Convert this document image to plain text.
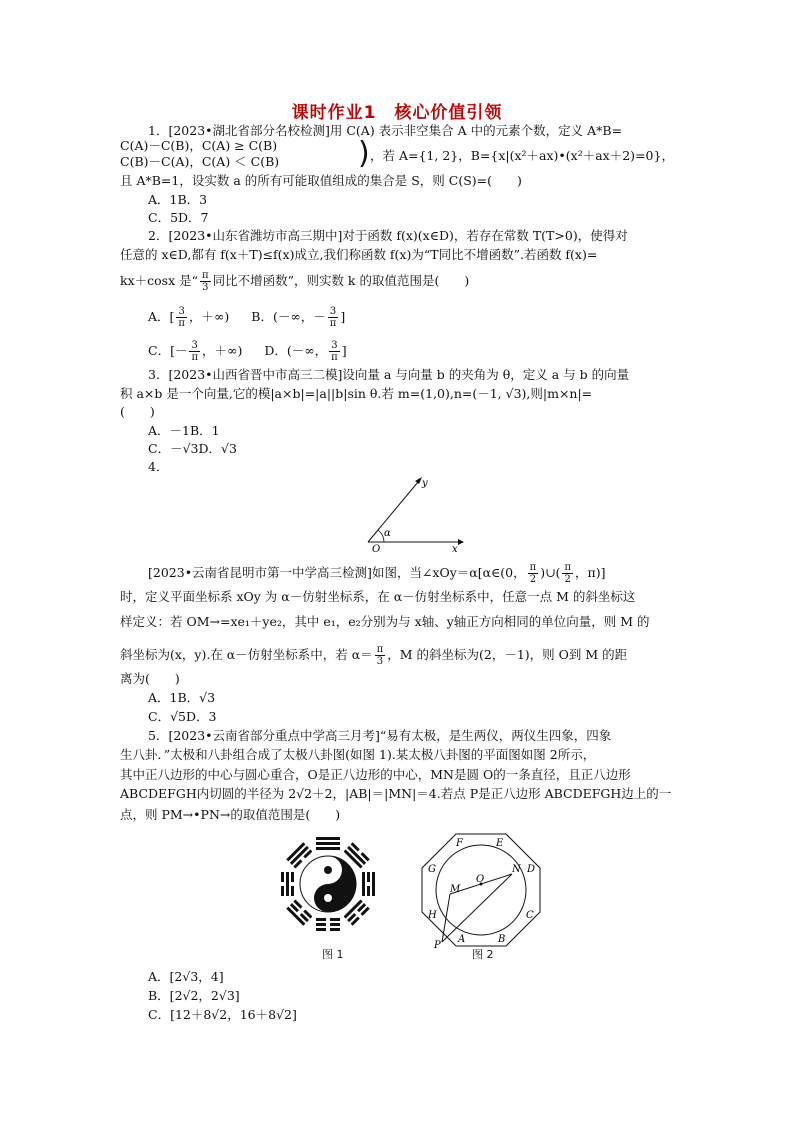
课时作业1　核心价值引领
1．[2023•湖北省部分名校检测]用 C(A) 表示非空集合 A 中的元素个数，定义 A*B=
C(A)－C(B)，C(A) ≥ C(B)
C(B)－C(A)，C(A) ＜ C(B)	) ，若 A={1, 2}，B={x|(x²＋ax)•(x²＋ax＋2)=0}，
且 A*B=1，设实数 a 的所有可能取值组成的集合是 S，则 C(S)=(　　)
A．1B．3
C．5D．7
2．[2023•山东省潍坊市高三期中]对于函数 f(x)(x∈D)，若存在常数 T(T>0)，使得对
任意的 x∈D,都有 f(x＋T)≤f(x)成立,我们称函数 f(x)为“T同比不增函数”.若函数 f(x)=
kx＋cosx 是“ $\frac{\pi}{3}$ 同比不增函数”，则实数 k 的取值范围是(　　)
A．[ $\frac{3}{\pi}$ ，＋∞) B．(－∞，－ $\frac{3}{\pi}$ ]
C．[－ $\frac{3}{\pi}$ ，＋∞) D．(－∞， $\frac{3}{\pi}$ ]
3．[2023•山西省晋中市高三二模]设向量 a 与向量 b 的夹角为 θ，定义 a 与 b 的向量
积 a×b 是一个向量,它的模|a×b|=|a||b|sin θ.若 m=(1,0),n=(－1, √3),则|m×n|=
(　　)
A．－1B．1
C．－√3D．√3
4．
y
x
O
α
[2023•云南省昆明市第一中学高三检测]如图，当∠xOy＝α[α∈(0， $\frac{\pi}{2}$ )∪( $\frac{\pi}{2}$ ，π)]
时，定义平面坐标系 xOy 为 α－仿射坐标系，在 α－仿射坐标系中，任意一点 M 的斜坐标这
样定义：若 OM→=xe₁＋ye₂，其中 e₁，e₂分别为与 x轴、y轴正方向相同的单位向量，则 M 的
斜坐标为(x，y).在 α－仿射坐标系中，若 $\alpha= \frac{\pi}{3}$ ，M 的斜坐标为(2，－1)，则 O到 M 的距
离为(　　)
A．1B．√3
C．√5D．3
5．[2023•云南省部分重点中学高三月考]“易有太极，是生两仪，两仪生四象，四象
生八卦．”太极和八卦组合成了太极八卦图(如图 1).某太极八卦图的平面图如图 2所示，
其中正八边形的中心与圆心重合，O是正八边形的中心，MN是圆 O的一条直径，且正八边形
ABCDEFGH内切圆的半径为 2√2＋2，|AB|＝|MN|＝4.若点 P是正八边形 ABCDEFGH边上的一
点，则 PM→•PN→的取值范围是(　　)
图 1
F	E
G	D
O
N
M
H	C
A	B
P
图 2
A．[2√3，4]
B．[2√2，2√3]
C．[12＋8√2，16＋8√2]
